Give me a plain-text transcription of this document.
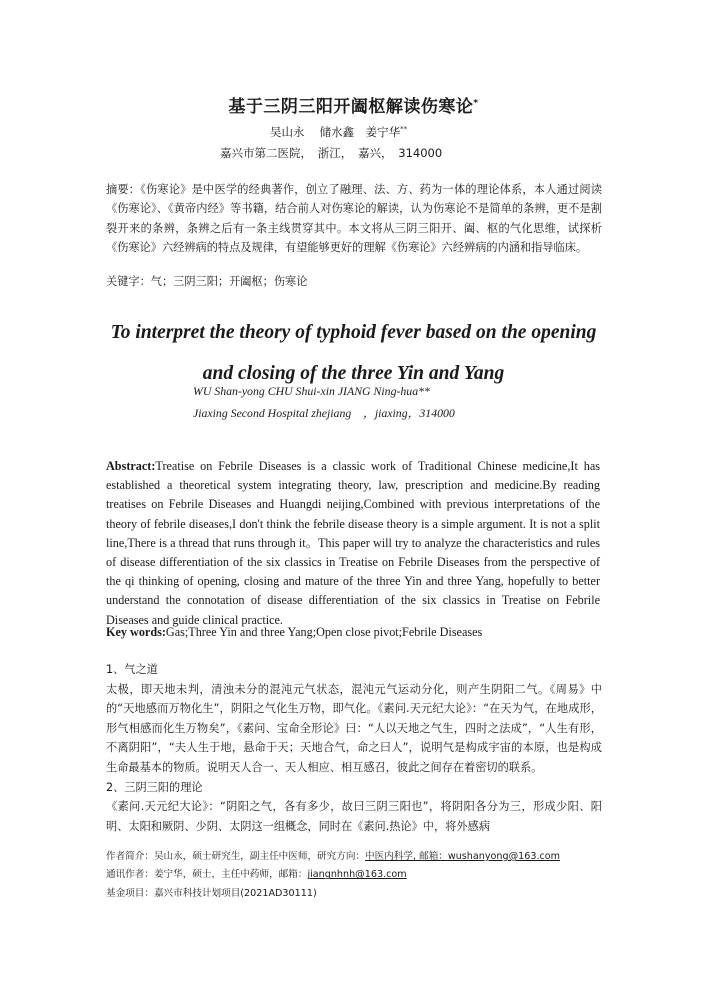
基于三阴三阳开阖枢解读伤寒论*
吴山永　 储水鑫　姜宁华**
嘉兴市第二医院，　浙江，　嘉兴，　314000
摘要：《伤寒论》是中医学的经典著作，创立了融理、法、方、药为一体的理论体系，本人通过阅读《伤寒论》、《黄帝内经》等书籍，结合前人对伤寒论的解读，认为伤寒论不是简单的条辨，更不是割裂开来的条辨，条辨之后有一条主线贯穿其中。本文将从三阴三阳开、阖、枢的气化思维，试探析《伤寒论》六经辨病的特点及规律，有望能够更好的理解《伤寒论》六经辨病的内涵和指导临床。
关键字：气；三阴三阳；开阖枢；伤寒论
To interpret the theory of typhoid fever based on the opening
and closing of the three Yin and Yang
WU Shan-yong CHU Shui-xin JIANG Ning-hua**
Jiaxing Second Hospital zhejiang　，jiaxing，314000
Abstract:Treatise on Febrile Diseases is a classic work of Traditional Chinese medicine,It has established a theoretical system integrating theory, law, prescription and medicine.By reading treatises on Febrile Diseases and Huangdi neijing,Combined with previous interpretations of the theory of febrile diseases,I don't think the febrile disease theory is a simple argument. It is not a split line,There is a thread that runs through it。This paper will try to analyze the characteristics and rules of disease differentiation of the six classics in Treatise on Febrile Diseases from the perspective of the qi thinking of opening, closing and mature of the three Yin and three Yang, hopefully to better understand the connotation of disease differentiation of the six classics in Treatise on Febrile Diseases and guide clinical practice.
Key words:Gas;Three Yin and three Yang;Open close pivot;Febrile Diseases

1、气之道

太极，即天地未判，清浊未分的混沌元气状态，混沌元气运动分化，则产生阴阳二气。《周易》中的“天地感而万物化生”，阴阳之气化生万物，即气化。《素问.天元纪大论》：“在天为气，在地成形，形气相感而化生万物矣”，《素问、宝命全形论》曰：“人以天地之气生，四时之法成”，“人生有形，不离阴阳”，“夫人生于地，悬命于天；天地合气，命之曰人”，说明气是构成宇宙的本原，也是构成生命最基本的物质。说明天人合一、天人相应、相互感召，彼此之间存在着密切的联系。

2、三阴三阳的理论

《素问.天元纪大论》：“阴阳之气，各有多少，故曰三阴三阳也”，将阴阳各分为三，形成少阳、阳明、太阳和厥阴、少阴、太阴这一组概念，同时在《素问.热论》中，将外感病

作者简介：吴山永，硕士研究生，副主任中医师，研究方向：中医内科学, 邮箱：wushanyong@163.com

通讯作者：姜宁华，硕士，主任中药师，邮箱：jiangnhnh@163.com

基金项目：嘉兴市科技计划项目(2021AD30111)
